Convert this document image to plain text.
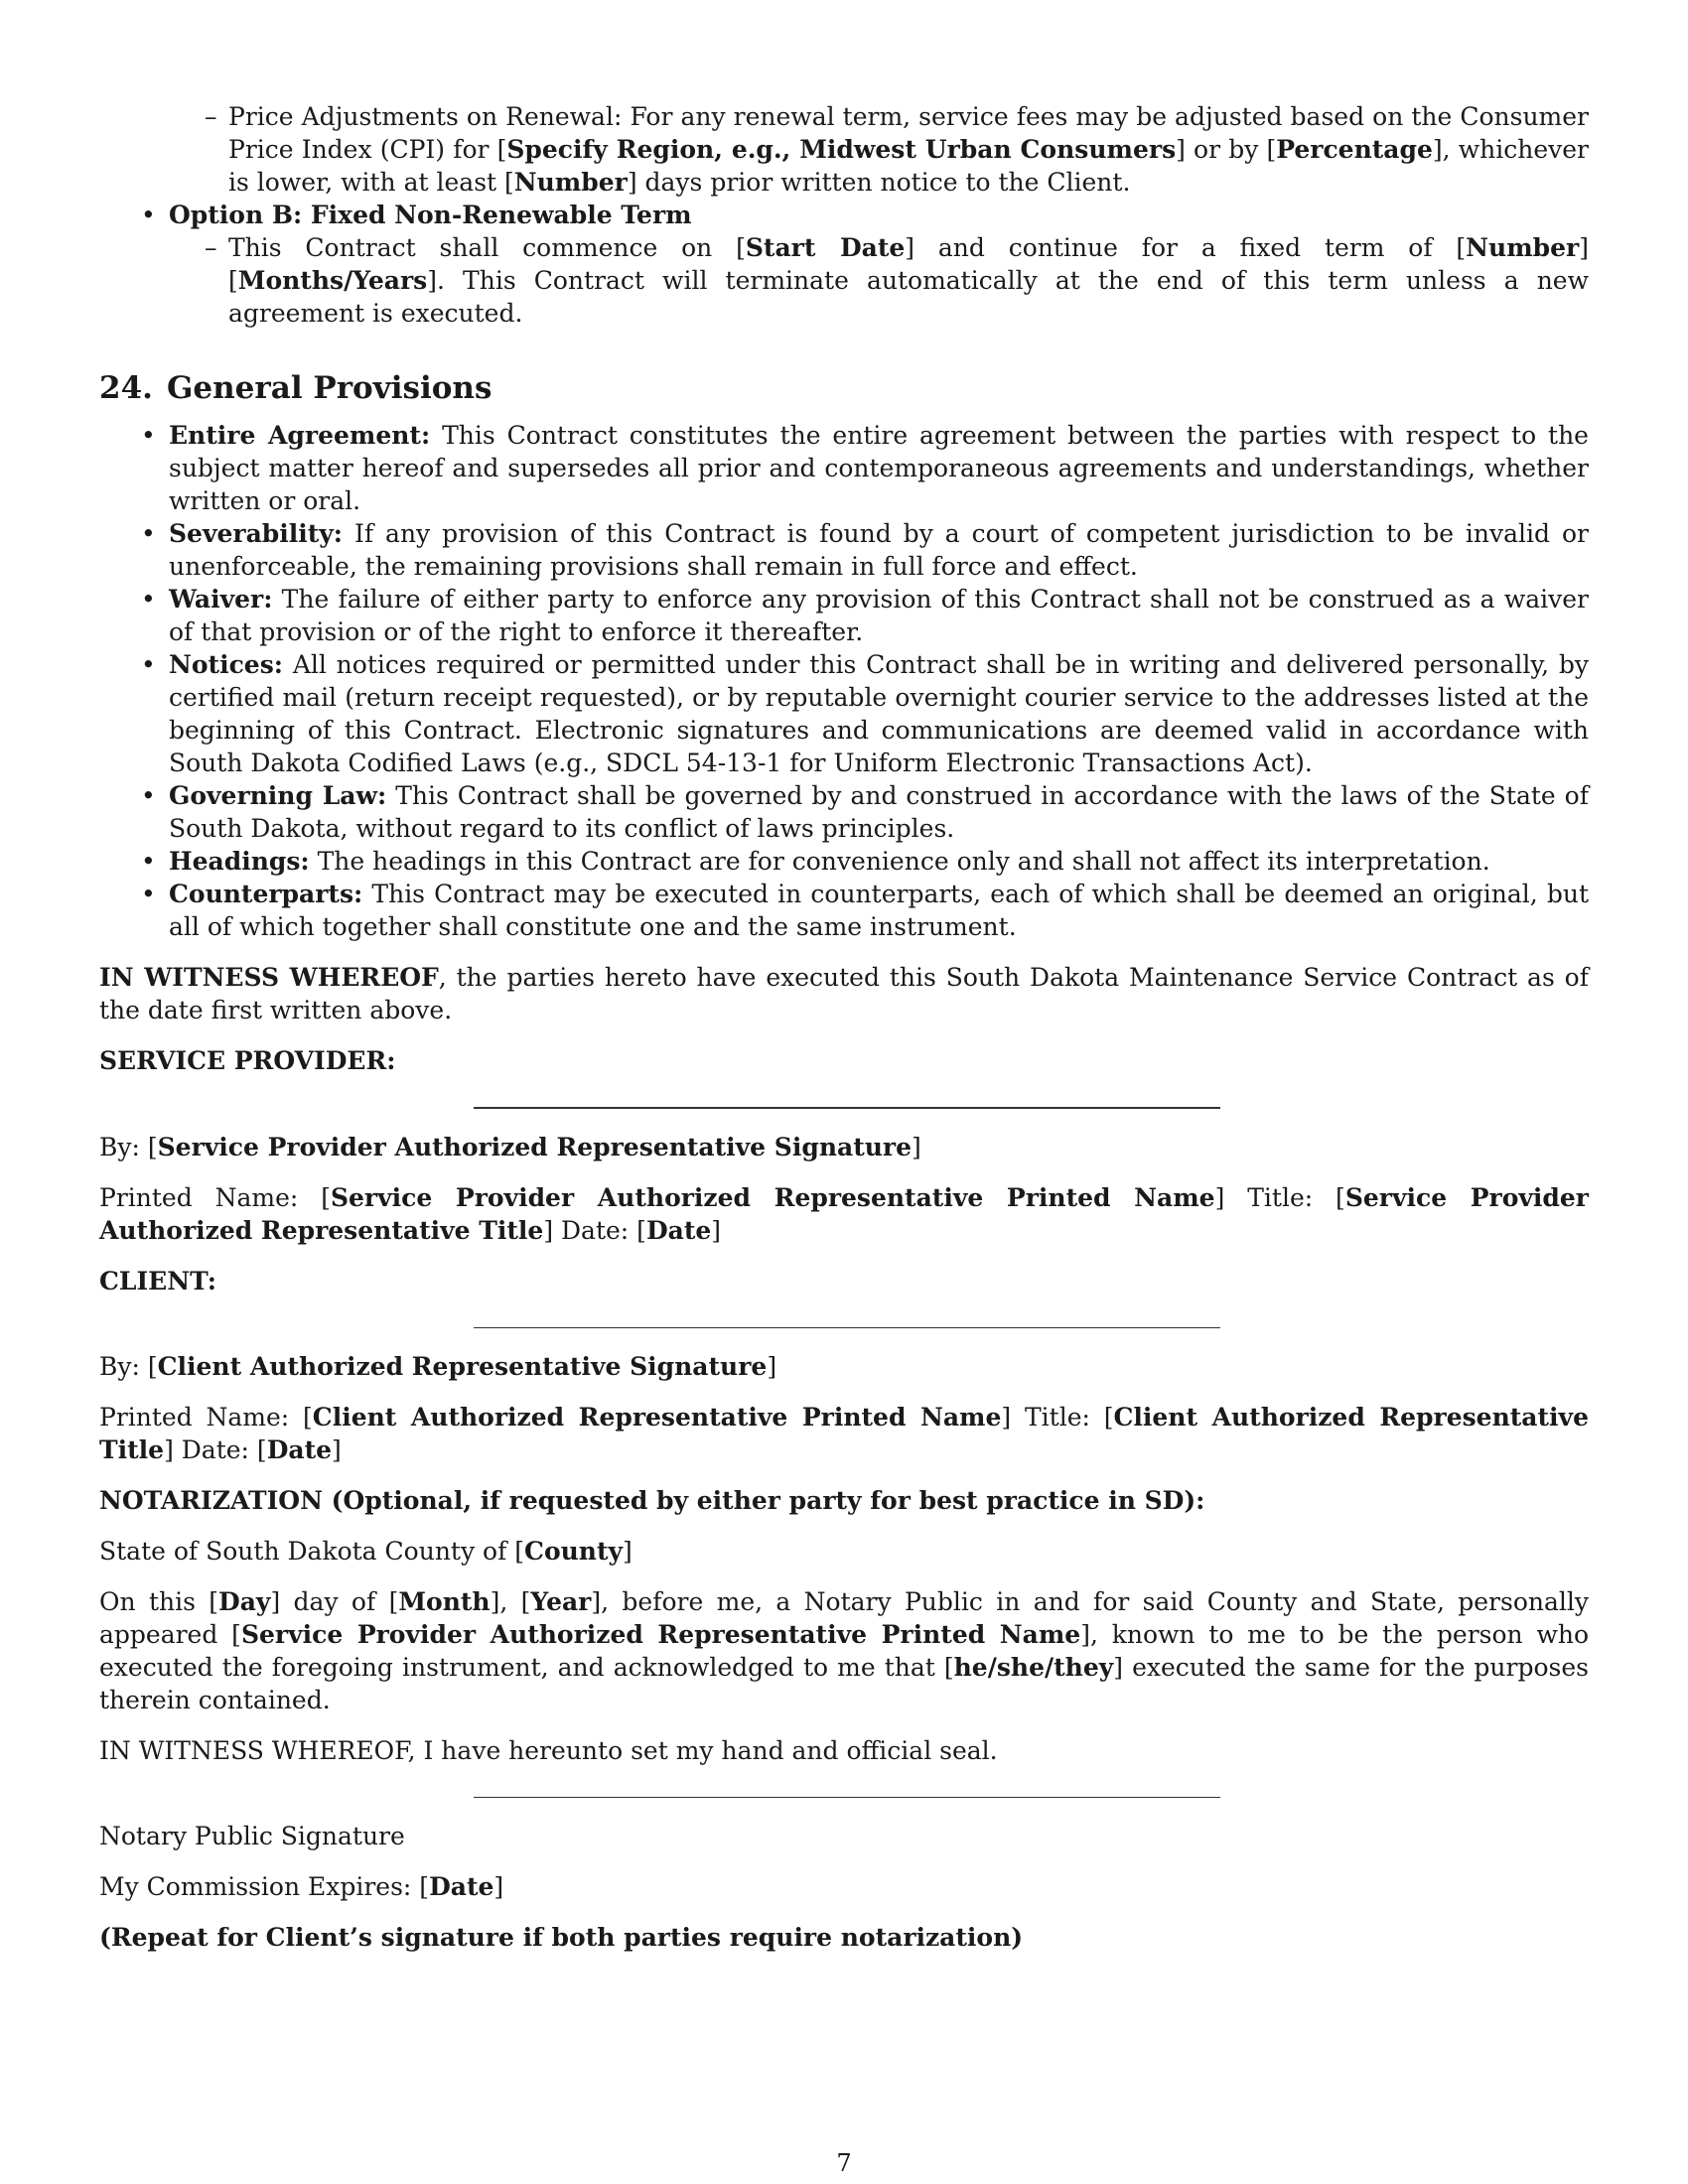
– Price Adjustments on Renewal: For any renewal term, service fees may be adjusted based on the Consumer Price Index (CPI) for [Specify Region, e.g., Midwest Urban Consumers] or by [Percentage], whichever is lower, with at least [Number] days prior written notice to the Client.
• Option B: Fixed Non-Renewable Term
– This Contract shall commence on [Start Date] and continue for a fixed term of [Number] [Months/Years]. This Contract will terminate automatically at the end of this term unless a new agreement is executed.
24. General Provisions
• Entire Agreement: This Contract constitutes the entire agreement between the parties with respect to the subject matter hereof and supersedes all prior and contemporaneous agreements and understandings, whether written or oral.
• Severability: If any provision of this Contract is found by a court of competent jurisdiction to be invalid or unenforceable, the remaining provisions shall remain in full force and effect.
• Waiver: The failure of either party to enforce any provision of this Contract shall not be construed as a waiver of that provision or of the right to enforce it thereafter.
• Notices: All notices required or permitted under this Contract shall be in writing and delivered personally, by certified mail (return receipt requested), or by reputable overnight courier service to the addresses listed at the beginning of this Contract. Electronic signatures and communications are deemed valid in accordance with South Dakota Codified Laws (e.g., SDCL 54-13-1 for Uniform Electronic Transactions Act).
• Governing Law: This Contract shall be governed by and construed in accordance with the laws of the State of South Dakota, without regard to its conflict of laws principles.
• Headings: The headings in this Contract are for convenience only and shall not affect its interpretation.
• Counterparts: This Contract may be executed in counterparts, each of which shall be deemed an original, but all of which together shall constitute one and the same instrument.

IN WITNESS WHEREOF, the parties hereto have executed this South Dakota Maintenance Service Contract as of the date first written above.

SERVICE PROVIDER:

By: [Service Provider Authorized Representative Signature]

Printed Name: [Service Provider Authorized Representative Printed Name] Title: [Service Provider Authorized Representative Title] Date: [Date]

CLIENT:

By: [Client Authorized Representative Signature]

Printed Name: [Client Authorized Representative Printed Name] Title: [Client Authorized Representative Title] Date: [Date]

NOTARIZATION (Optional, if requested by either party for best practice in SD):

State of South Dakota County of [County]

On this [Day] day of [Month], [Year], before me, a Notary Public in and for said County and State, personally appeared [Service Provider Authorized Representative Printed Name], known to me to be the person who executed the foregoing instrument, and acknowledged to me that [he/she/they] executed the same for the purposes therein contained.

IN WITNESS WHEREOF, I have hereunto set my hand and official seal.

Notary Public Signature

My Commission Expires: [Date]

(Repeat for Client’s signature if both parties require notarization)

7
